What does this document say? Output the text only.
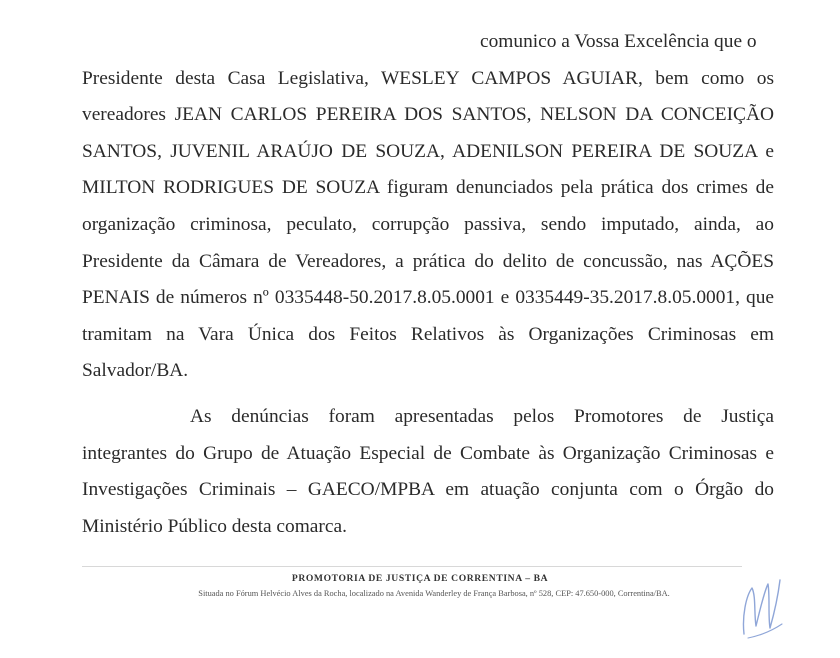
comunico a Vossa Excelência que o
Presidente desta Casa Legislativa, WESLEY CAMPOS AGUIAR, bem como os
vereadores JEAN CARLOS PEREIRA DOS SANTOS, NELSON DA CONCEIÇÃO
SANTOS, JUVENIL ARAÚJO DE SOUZA, ADENILSON PEREIRA DE SOUZA e
MILTON RODRIGUES DE SOUZA figuram denunciados pela prática dos crimes de
organização criminosa, peculato, corrupção passiva, sendo imputado, ainda, ao
Presidente da Câmara de Vereadores, a prática do delito de concussão, nas AÇÕES
PENAIS de números nº 0335448-50.2017.8.05.0001 e 0335449-35.2017.8.05.0001, que
tramitam na Vara Única dos Feitos Relativos às Organizações Criminosas em
Salvador/BA.
As denúncias foram apresentadas pelos Promotores de Justiça
integrantes do Grupo de Atuação Especial de Combate às Organização Criminosas e
Investigações Criminais – GAECO/MPBA em atuação conjunta com o Órgão do
Ministério Público desta comarca.
PROMOTORIA DE JUSTIÇA DE CORRENTINA – BA
Situada no Fórum Helvécio Alves da Rocha, localizado na Avenida Wanderley de França Barbosa, nº 528, CEP: 47.650-000, Correntina/BA.
